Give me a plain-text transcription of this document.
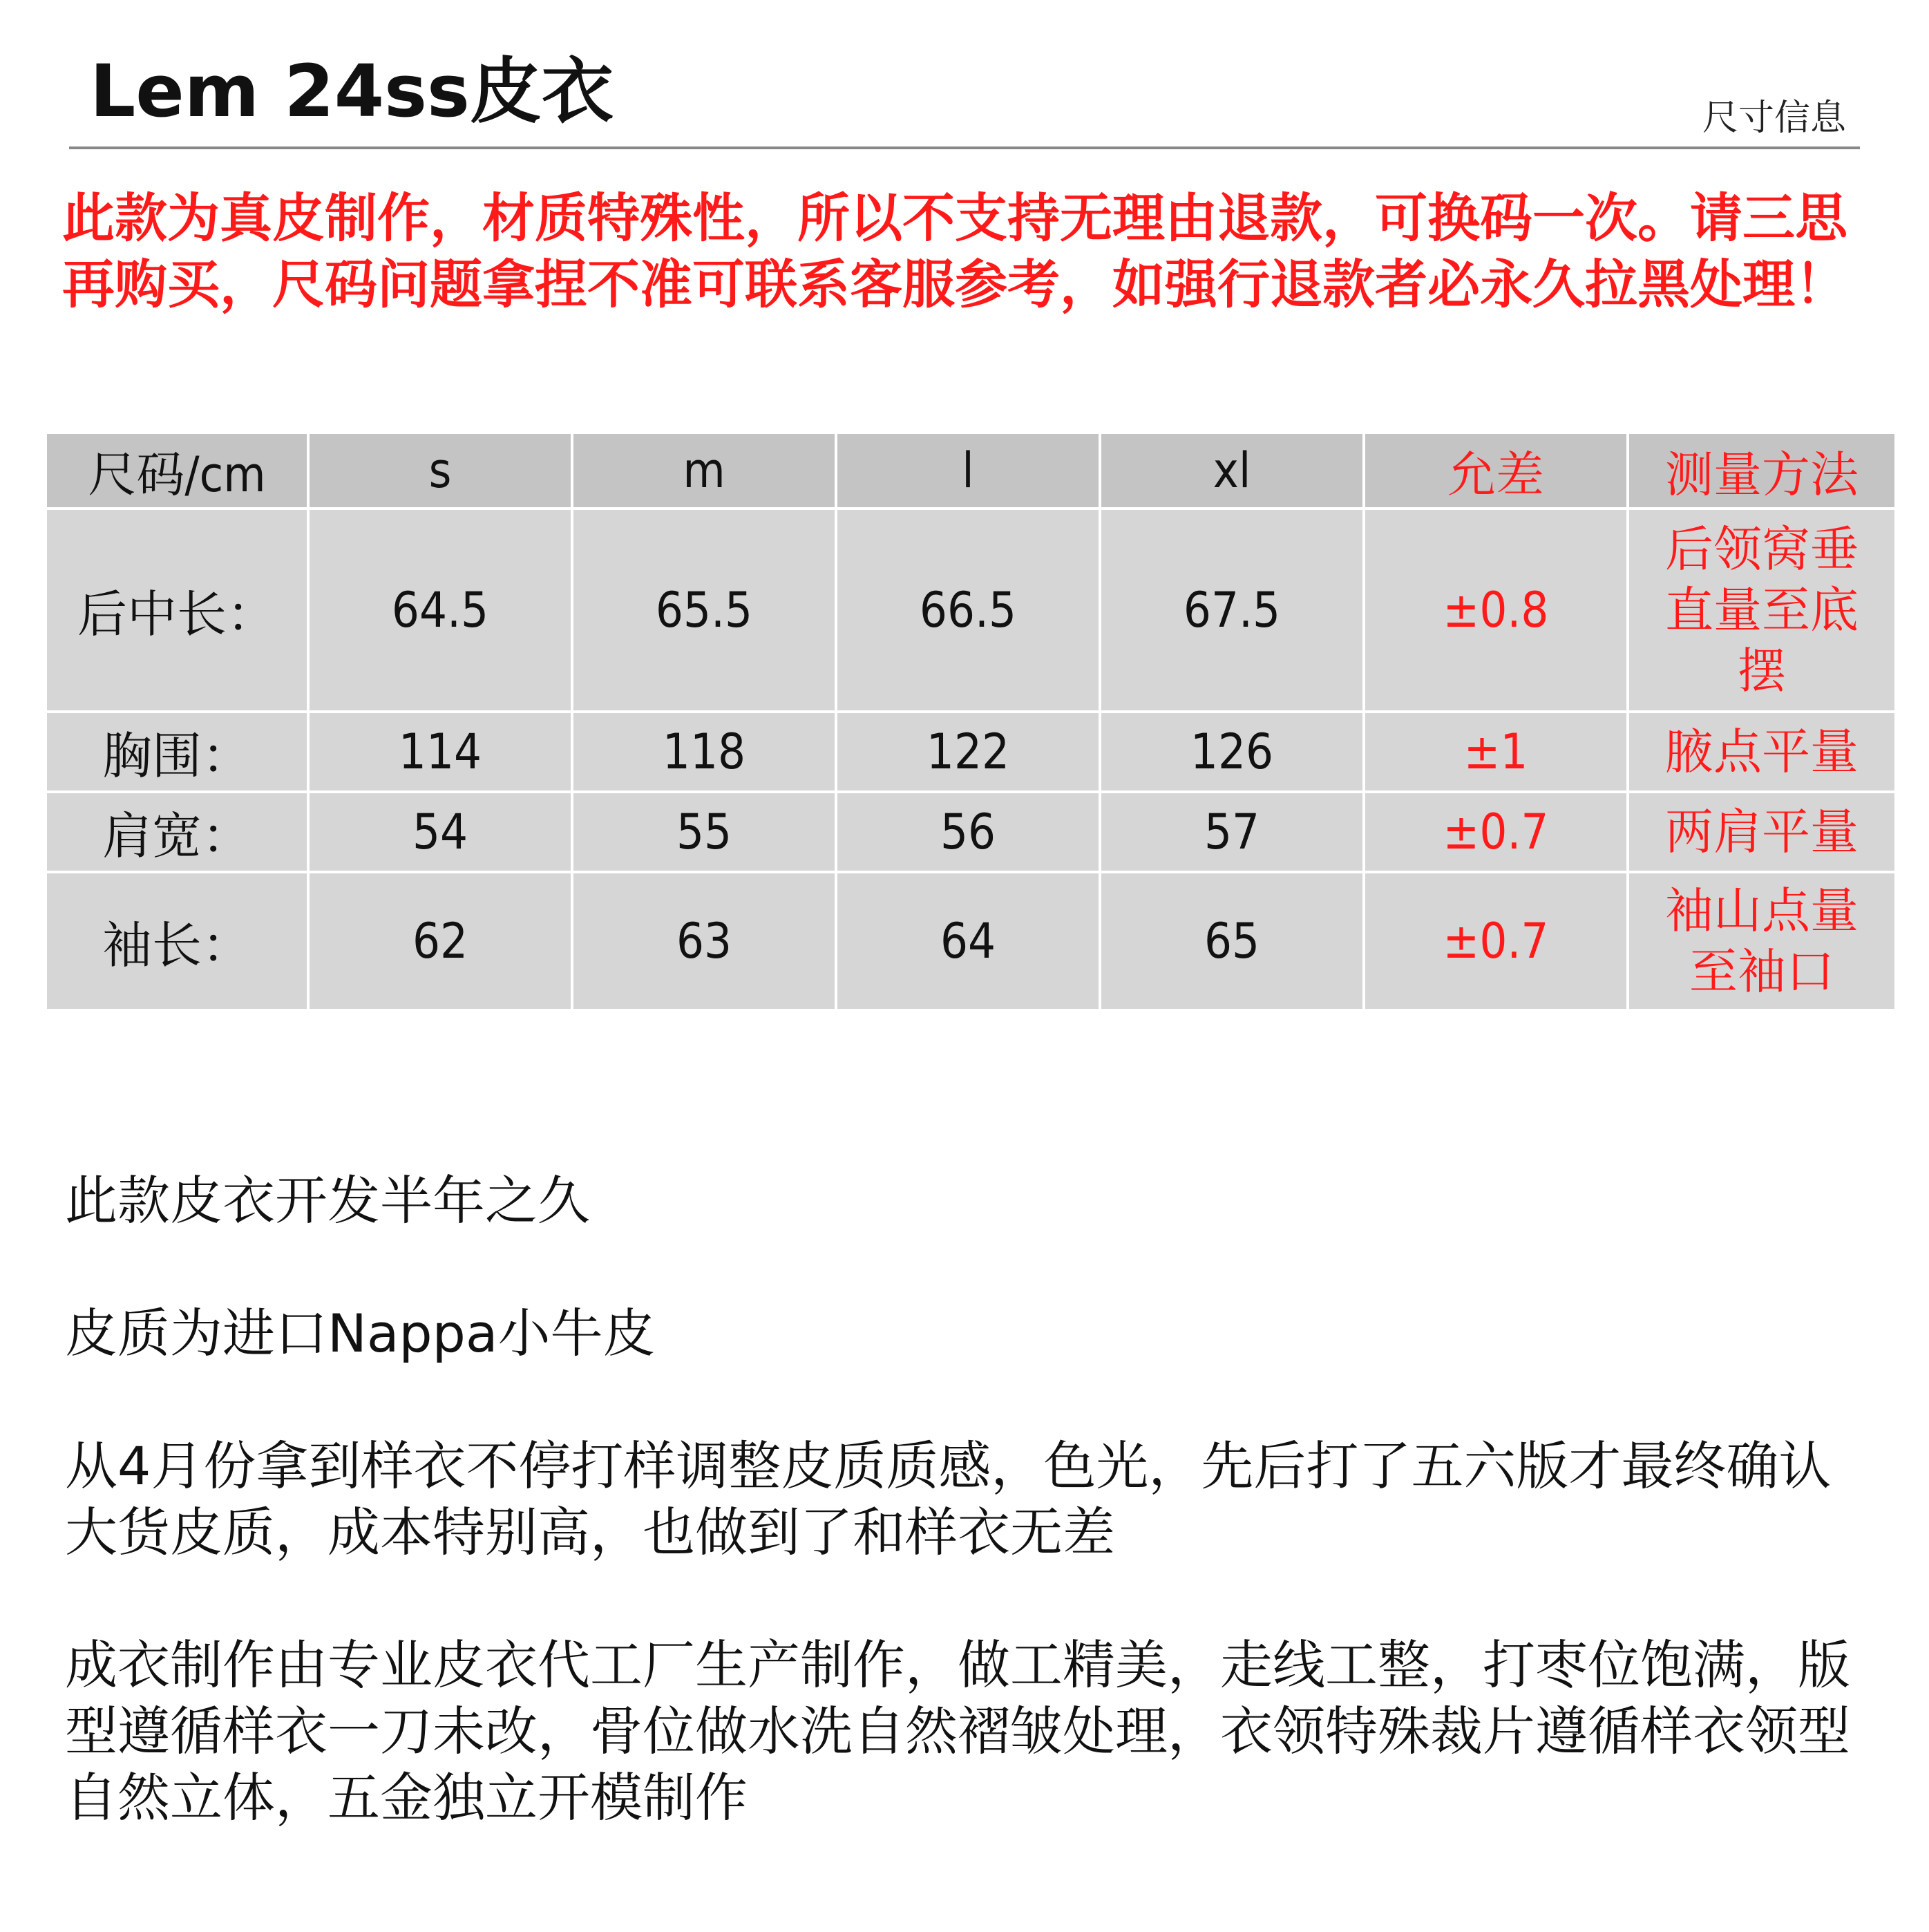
Lem 24ss皮衣	尺寸信息
此款为真皮制作，材质特殊性，所以不支持无理由退款，可换码一次。请三思再购买，尺码问题拿捏不准可联系客服参考，如强行退款者必永久拉黑处理！
尺码/cm	s	m	l	xl	允差	测量方法
后中长：	64.5	65.5	66.5	67.5	±0.8	后领窝垂直量至底摆

胸围：	114	118	122	126	±1	腋点平量
肩宽：	54	55	56	57	±0.7	两肩平量
袖长：	62	63	64	65	±0.7	袖山点量至袖口
此款皮衣开发半年之久
皮质为进口Nappa小牛皮
从4月份拿到样衣不停打样调整皮质质感，色光，先后打了五六版才最终确认大货皮质，成本特别高，也做到了和样衣无差
成衣制作由专业皮衣代工厂生产制作，做工精美，走线工整，打枣位饱满，版型遵循样衣一刀未改，骨位做水洗自然褶皱处理，衣领特殊裁片遵循样衣领型自然立体，五金独立开模制作
